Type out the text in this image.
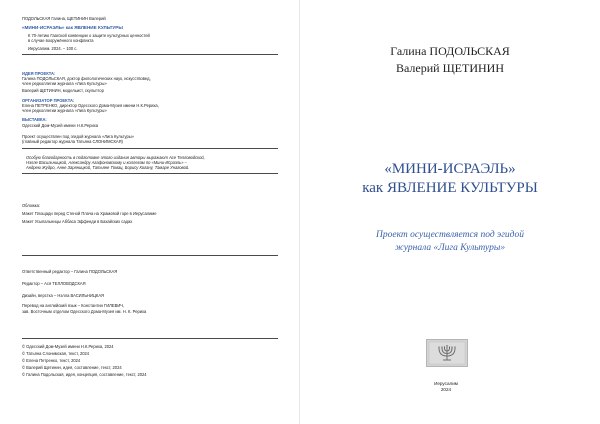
ПОДОЛЬСКАЯ Галина, ЩЕТИНИН Валерий

«МИНИ-ИСРАЭЛЬ» как ЯВЛЕНИЕ КУЛЬТУРЫ

К 70-летию Гаагской конвенции о защите культурных ценностей

в случае вооружённого конфликта

Иерусалим. 2024. – 100 с.

ИДЕЯ ПРОЕКТА:

Галина ПОДОЛЬСКАЯ, доктор филологических наук, искусствовед,

член редколлегии журнала «Лига Культуры»

Валерий ЩЕТИНИН, модельист, скульптор

ОРГАНИЗАТОР ПРОЕКТА:

Елена ПЕТРЕНКО, директор Одесского Дома-Музея имени Н.К.Рериха,

член редколлегии журнала «Лига Культуры»

ВЫСТАВКА:

Одесский Дом-Музей имени Н.К.Рериха

Проект осуществлен под эгидой журнала «Лига Культуры»

(главный редактор журнала Татьяна СЛОНИМСКАЯ)

Особую благодарность в подготовке этого издания авторы выражают Асе Телловодской,

Нэлле Васильницкой, Александру Агафоновскому и коллегам по «Мини-Исраэль» –

Андрею Жудро, Анне Заряницкой, Татьяне Томац, Борису Когану, Тамаре Унаговой.

Обложка:

Макет Площади перед Стеной Плача на Храмовой горе в Иерусалиме

Макет Усыпальницы Аббаса Эффенди в Бахайских садах

Ответственный редактор – Галина ПОДОЛЬСКАЯ

Редактор – Ася ТЕЛЛОВОДСКАЯ

Дизайн, верстка – Нэлла ВАСИЛЬНИЦКАЯ

Перевод на английский язык – Константин ГИЛЕВИЧ,

зав. Восточным отделом Одесского Дома-Музея им. Н. К. Рериха

© Одесский Дом-Музей имени Н.К.Рериха, 2024

© Татьяна Слонимская, текст, 2024

© Елена Петренко, текст, 2024

© Валерий Щетинин, идея, составление, текст, 2024

© Галина Подольская, идея, концепция, составление, текст, 2024

Галина ПОДОЛЬСКАЯ

Валерий ЩЕТИНИН

«МИНИ-ИСРАЭЛЬ»

как ЯВЛЕНИЕ КУЛЬТУРЫ

Проект осуществляется под эгидой

журнала «Лига Культуры»

Иерусалим

2024
